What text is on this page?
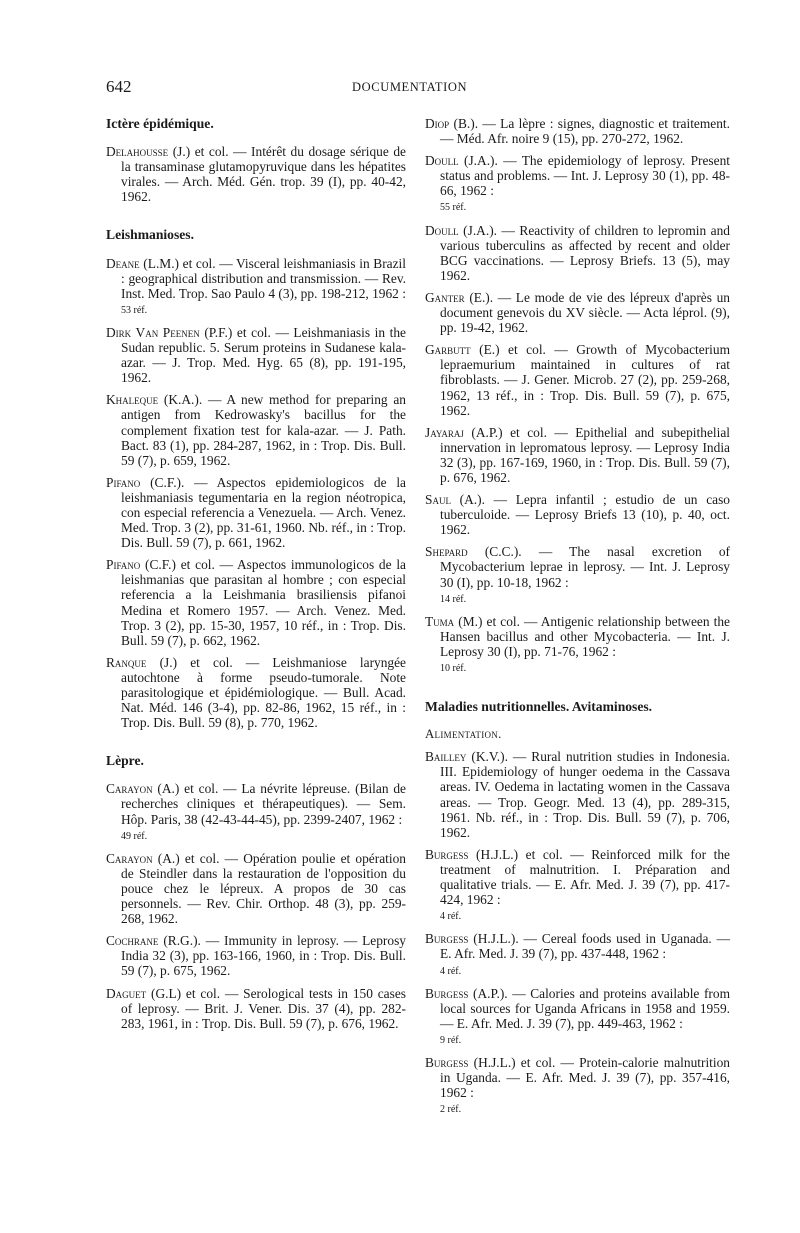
642	DOCUMENTATION
Ictère épidémique.

Delahousse (J.) et col. — Intérêt du dosage sérique de la transaminase glutamopyruvique dans les hépatites virales. — Arch. Méd. Gén. trop. 39 (I), pp. 40-42, 1962.

Leishmanioses.

Deane (L.M.) et col. — Visceral leishmaniasis in Brazil : geographical distribution and transmission. — Rev. Inst. Med. Trop. Sao Paulo 4 (3), pp. 198-212, 1962 :
53 réf.

Dirk Van Peenen (P.F.) et col. — Leishmaniasis in the Sudan republic. 5. Serum proteins in Sudanese kala-azar. — J. Trop. Med. Hyg. 65 (8), pp. 191-195, 1962.

Khaleque (K.A.). — A new method for preparing an antigen from Kedrowasky's bacillus for the complement fixation test for kala-azar. — J. Path. Bact. 83 (1), pp. 284-287, 1962, in : Trop. Dis. Bull. 59 (7), p. 659, 1962.

Pifano (C.F.). — Aspectos epidemiologicos de la leishmaniasis tegumentaria en la region néotropica, con especial referencia a Venezuela. — Arch. Venez. Med. Trop. 3 (2), pp. 31-61, 1960. Nb. réf., in : Trop. Dis. Bull. 59 (7), p. 661, 1962.

Pifano (C.F.) et col. — Aspectos immunologicos de la leishmanias que parasitan al hombre ; con especial referencia a la Leishmania brasiliensis pifanoi Medina et Romero 1957. — Arch. Venez. Med. Trop. 3 (2), pp. 15-30, 1957, 10 réf., in : Trop. Dis. Bull. 59 (7), p. 662, 1962.

Ranque (J.) et col. — Leishmaniose laryngée autochtone à forme pseudo-tumorale. Note parasitologique et épidémiologique. — Bull. Acad. Nat. Méd. 146 (3-4), pp. 82-86, 1962, 15 réf., in : Trop. Dis. Bull. 59 (8), p. 770, 1962.

Lèpre.

Carayon (A.) et col. — La névrite lépreuse. (Bilan de recherches cliniques et thérapeutiques). — Sem. Hôp. Paris, 38 (42-43-44-45), pp. 2399-2407, 1962 :
49 réf.

Carayon (A.) et col. — Opération poulie et opération de Steindler dans la restauration de l'opposition du pouce chez le lépreux. A propos de 30 cas personnels. — Rev. Chir. Orthop. 48 (3), pp. 259-268, 1962.

Cochrane (R.G.). — Immunity in leprosy. — Leprosy India 32 (3), pp. 163-166, 1960, in : Trop. Dis. Bull. 59 (7), p. 675, 1962.

Daguet (G.L) et col. — Serological tests in 150 cases of leprosy. — Brit. J. Vener. Dis. 37 (4), pp. 282-283, 1961, in : Trop. Dis. Bull. 59 (7), p. 676, 1962.

Diop (B.). — La lèpre : signes, diagnostic et traitement. — Méd. Afr. noire 9 (15), pp. 270-272, 1962.

Doull (J.A.). — The epidemiology of leprosy. Present status and problems. — Int. J. Leprosy 30 (1), pp. 48-66, 1962 :
55 réf.

Doull (J.A.). — Reactivity of children to lepromin and various tuberculins as affected by recent and older BCG vaccinations. — Leprosy Briefs. 13 (5), may 1962.

Ganter (E.). — Le mode de vie des lépreux d'après un document genevois du XV siècle. — Acta léprol. (9), pp. 19-42, 1962.

Garbutt (E.) et col. — Growth of Mycobacterium lepraemurium maintained in cultures of rat fibroblasts. — J. Gener. Microb. 27 (2), pp. 259-268, 1962, 13 réf., in : Trop. Dis. Bull. 59 (7), p. 675, 1962.

Jayaraj (A.P.) et col. — Epithelial and subepithelial innervation in lepromatous leprosy. — Leprosy India 32 (3), pp. 167-169, 1960, in : Trop. Dis. Bull. 59 (7), p. 676, 1962.

Saul (A.). — Lepra infantil ; estudio de un caso tuberculoide. — Leprosy Briefs 13 (10), p. 40, oct. 1962.

Shepard (C.C.). — The nasal excretion of Mycobacterium leprae in leprosy. — Int. J. Leprosy 30 (I), pp. 10-18, 1962 :
14 réf.

Tuma (M.) et col. — Antigenic relationship between the Hansen bacillus and other Mycobacteria. — Int. J. Leprosy 30 (I), pp. 71-76, 1962 :
10 réf.

Maladies nutritionnelles. Avitaminoses.
Alimentation.

Bailley (K.V.). — Rural nutrition studies in Indonesia. III. Epidemiology of hunger oedema in the Cassava areas. IV. Oedema in lactating women in the Cassava areas. — Trop. Geogr. Med. 13 (4), pp. 289-315, 1961. Nb. réf., in : Trop. Dis. Bull. 59 (7), p. 706, 1962.

Burgess (H.J.L.) et col. — Reinforced milk for the treatment of malnutrition. I. Préparation and qualitative trials. — E. Afr. Med. J. 39 (7), pp. 417-424, 1962 :
4 réf.

Burgess (H.J.L.). — Cereal foods used in Uganada. — E. Afr. Med. J. 39 (7), pp. 437-448, 1962 :
4 réf.

Burgess (A.P.). — Calories and proteins available from local sources for Uganda Africans in 1958 and 1959. — E. Afr. Med. J. 39 (7), pp. 449-463, 1962 :
9 réf.

Burgess (H.J.L.) et col. — Protein-calorie malnutrition in Uganda. — E. Afr. Med. J. 39 (7), pp. 357-416, 1962 :
2 réf.
